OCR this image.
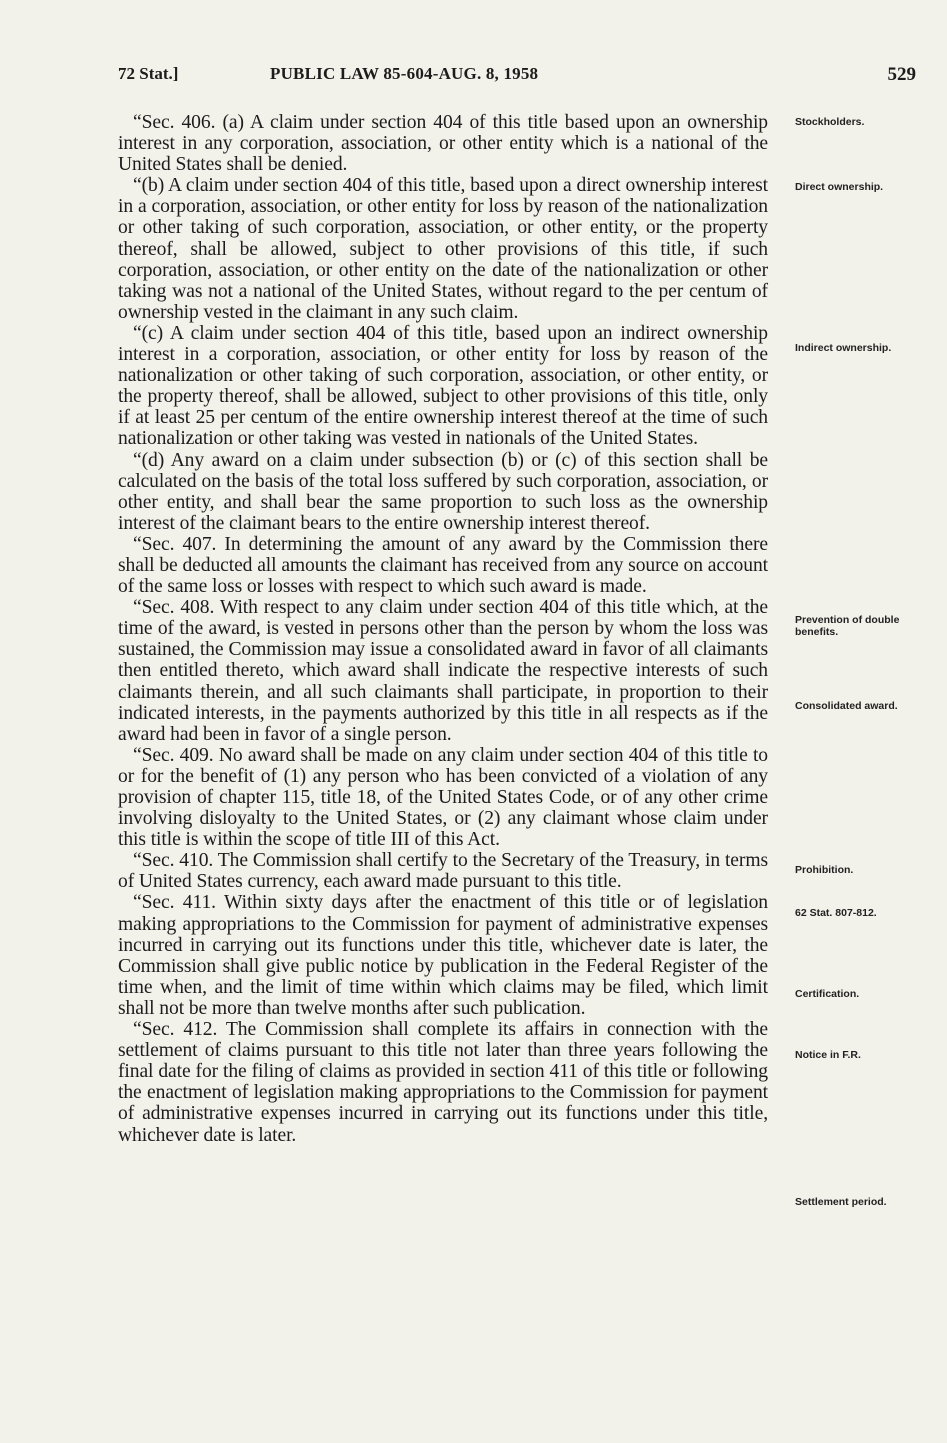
72 Stat.]	PUBLIC LAW 85-604-AUG. 8, 1958	529

“Sec. 406. (a) A claim under section 404 of this title based upon an ownership interest in any corporation, association, or other entity which is a national of the United States shall be denied.

“(b) A claim under section 404 of this title, based upon a direct ownership interest in a corporation, association, or other entity for loss by reason of the nationalization or other taking of such corporation, association, or other entity, or the property thereof, shall be allowed, subject to other provisions of this title, if such corporation, association, or other entity on the date of the nationalization or other taking was not a national of the United States, without regard to the per centum of ownership vested in the claimant in any such claim.

“(c) A claim under section 404 of this title, based upon an indirect ownership interest in a corporation, association, or other entity for loss by reason of the nationalization or other taking of such corporation, association, or other entity, or the property thereof, shall be allowed, subject to other provisions of this title, only if at least 25 per centum of the entire ownership interest thereof at the time of such nationalization or other taking was vested in nationals of the United States.

“(d) Any award on a claim under subsection (b) or (c) of this section shall be calculated on the basis of the total loss suffered by such corporation, association, or other entity, and shall bear the same proportion to such loss as the ownership interest of the claimant bears to the entire ownership interest thereof.

“Sec. 407. In determining the amount of any award by the Commission there shall be deducted all amounts the claimant has received from any source on account of the same loss or losses with respect to which such award is made.

“Sec. 408. With respect to any claim under section 404 of this title which, at the time of the award, is vested in persons other than the person by whom the loss was sustained, the Commission may issue a consolidated award in favor of all claimants then entitled thereto, which award shall indicate the respective interests of such claimants therein, and all such claimants shall participate, in proportion to their indicated interests, in the payments authorized by this title in all respects as if the award had been in favor of a single person.

“Sec. 409. No award shall be made on any claim under section 404 of this title to or for the benefit of (1) any person who has been convicted of a violation of any provision of chapter 115, title 18, of the United States Code, or of any other crime involving disloyalty to the United States, or (2) any claimant whose claim under this title is within the scope of title III of this Act.

“Sec. 410. The Commission shall certify to the Secretary of the Treasury, in terms of United States currency, each award made pursuant to this title.

“Sec. 411. Within sixty days after the enactment of this title or of legislation making appropriations to the Commission for payment of administrative expenses incurred in carrying out its functions under this title, whichever date is later, the Commission shall give public notice by publication in the Federal Register of the time when, and the limit of time within which claims may be filed, which limit shall not be more than twelve months after such publication.

“Sec. 412. The Commission shall complete its affairs in connection with the settlement of claims pursuant to this title not later than three years following the final date for the filing of claims as provided in section 411 of this title or following the enactment of legislation making appropriations to the Commission for payment of administrative expenses incurred in carrying out its functions under this title, whichever date is later.

Stockholders.
Direct ownership.
Indirect ownership.
Prevention of double benefits.
Consolidated award.
Prohibition.
62 Stat. 807-812.
Certification.
Notice in F.R.
Settlement period.
